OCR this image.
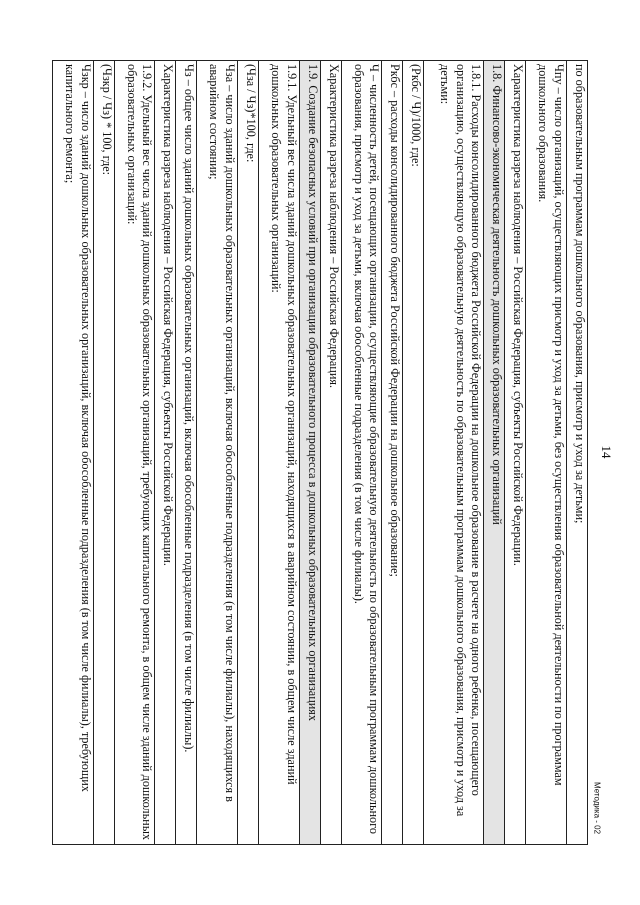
14
по образовательным программам дошкольного образования, присмотр и уход за детьми;
Чпу – число организаций, осуществляющих присмотр и уход за детьми, без осуществления образовательной деятельности по программам дошкольного образования.
Характеристика разреза наблюдения – Российская Федерация, субъекты Российской Федерации.
1.8. Финансово-экономическая деятельность дошкольных образовательных организаций
1.8.1. Расходы консолидированного бюджета Российской Федерации на дошкольное образование в расчете на одного ребенка, посещающего организацию, осуществляющую образовательную деятельность по образовательным программам дошкольного образования, присмотр и уход за детьми:
(Pкбс / Ч)/1000, где:
Pкбс – расходы консолидированного бюджета Российской Федерации на дошкольное образование;
Ч – численность детей, посещающих организации, осуществляющие образовательную деятельность по образовательным программам дошкольного образования, присмотр и уход за детьми, включая обособленные подразделения (в том числе филиалы).
Характеристика разреза наблюдения – Российская Федерация.
1.9. Создание безопасных условий при организации образовательного процесса в дошкольных образовательных организациях
1.9.1. Удельный вес числа зданий дошкольных образовательных организаций, находящихся в аварийном состоянии, в общем числе зданий дошкольных образовательных организаций:
(Чза / Чз)*100, где:
Чза – число зданий дошкольных образовательных организаций, включая обособленные подразделения (в том числе филиалы), находящихся в аварийном состоянии;
Чз – общее число зданий дошкольных образовательных организаций, включая обособленные подразделения (в том числе филиалы).
Характеристика разреза наблюдения – Российская Федерация, субъекты Российской Федерации.
1.9.2. Удельный вес числа зданий дошкольных образовательных организаций, требующих капитального ремонта, в общем числе зданий дошкольных образовательных организаций:
(Чзкр / Чз) * 100, где:
Чзкр – число зданий дошкольных образовательных организаций, включая обособленные подразделения (в том числе филиалы), требующих капитального ремонта;
Методика - 02
